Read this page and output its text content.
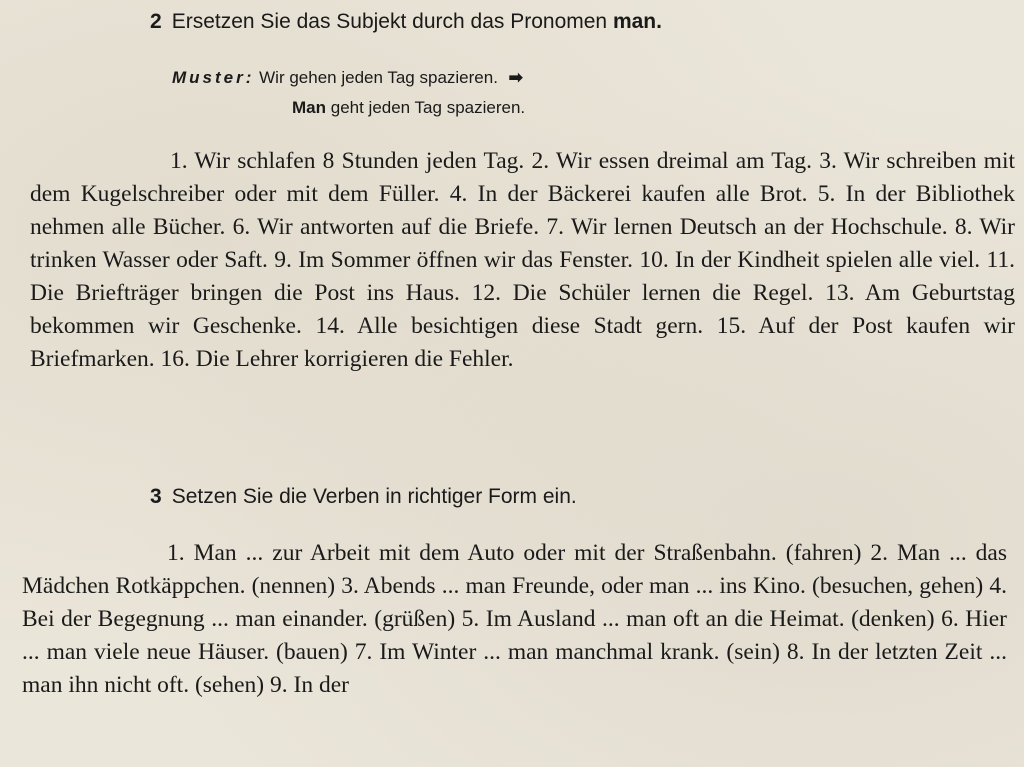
2 Ersetzen Sie das Subjekt durch das Pronomen man.
Muster: Wir gehen jeden Tag spazieren. ➡
Man geht jeden Tag spazieren.
1. Wir schlafen 8 Stunden jeden Tag. 2. Wir essen dreimal am Tag. 3. Wir schreiben mit dem Kugelschreiber oder mit dem Füller. 4. In der Bäckerei kaufen alle Brot. 5. In der Bibliothek nehmen alle Bücher. 6. Wir antworten auf die Briefe. 7. Wir lernen Deutsch an der Hochschule. 8. Wir trinken Wasser oder Saft. 9. Im Sommer öffnen wir das Fenster. 10. In der Kindheit spielen alle viel. 11. Die Briefträger bringen die Post ins Haus. 12. Die Schüler lernen die Regel. 13. Am Geburtstag bekommen wir Geschenke. 14. Alle besichtigen diese Stadt gern. 15. Auf der Post kaufen wir Briefmarken. 16. Die Lehrer korrigieren die Fehler.
3 Setzen Sie die Verben in richtiger Form ein.
1. Man ... zur Arbeit mit dem Auto oder mit der Straßenbahn. (fahren) 2. Man ... das Mädchen Rotkäppchen. (nennen) 3. Abends ... man Freunde, oder man ... ins Kino. (besuchen, gehen) 4. Bei der Begegnung ... man einander. (grüßen) 5. Im Ausland ... man oft an die Heimat. (denken) 6. Hier ... man viele neue Häuser. (bauen) 7. Im Winter ... man manchmal krank. (sein) 8. In der letzten Zeit ... man ihn nicht oft. (sehen) 9. In der
